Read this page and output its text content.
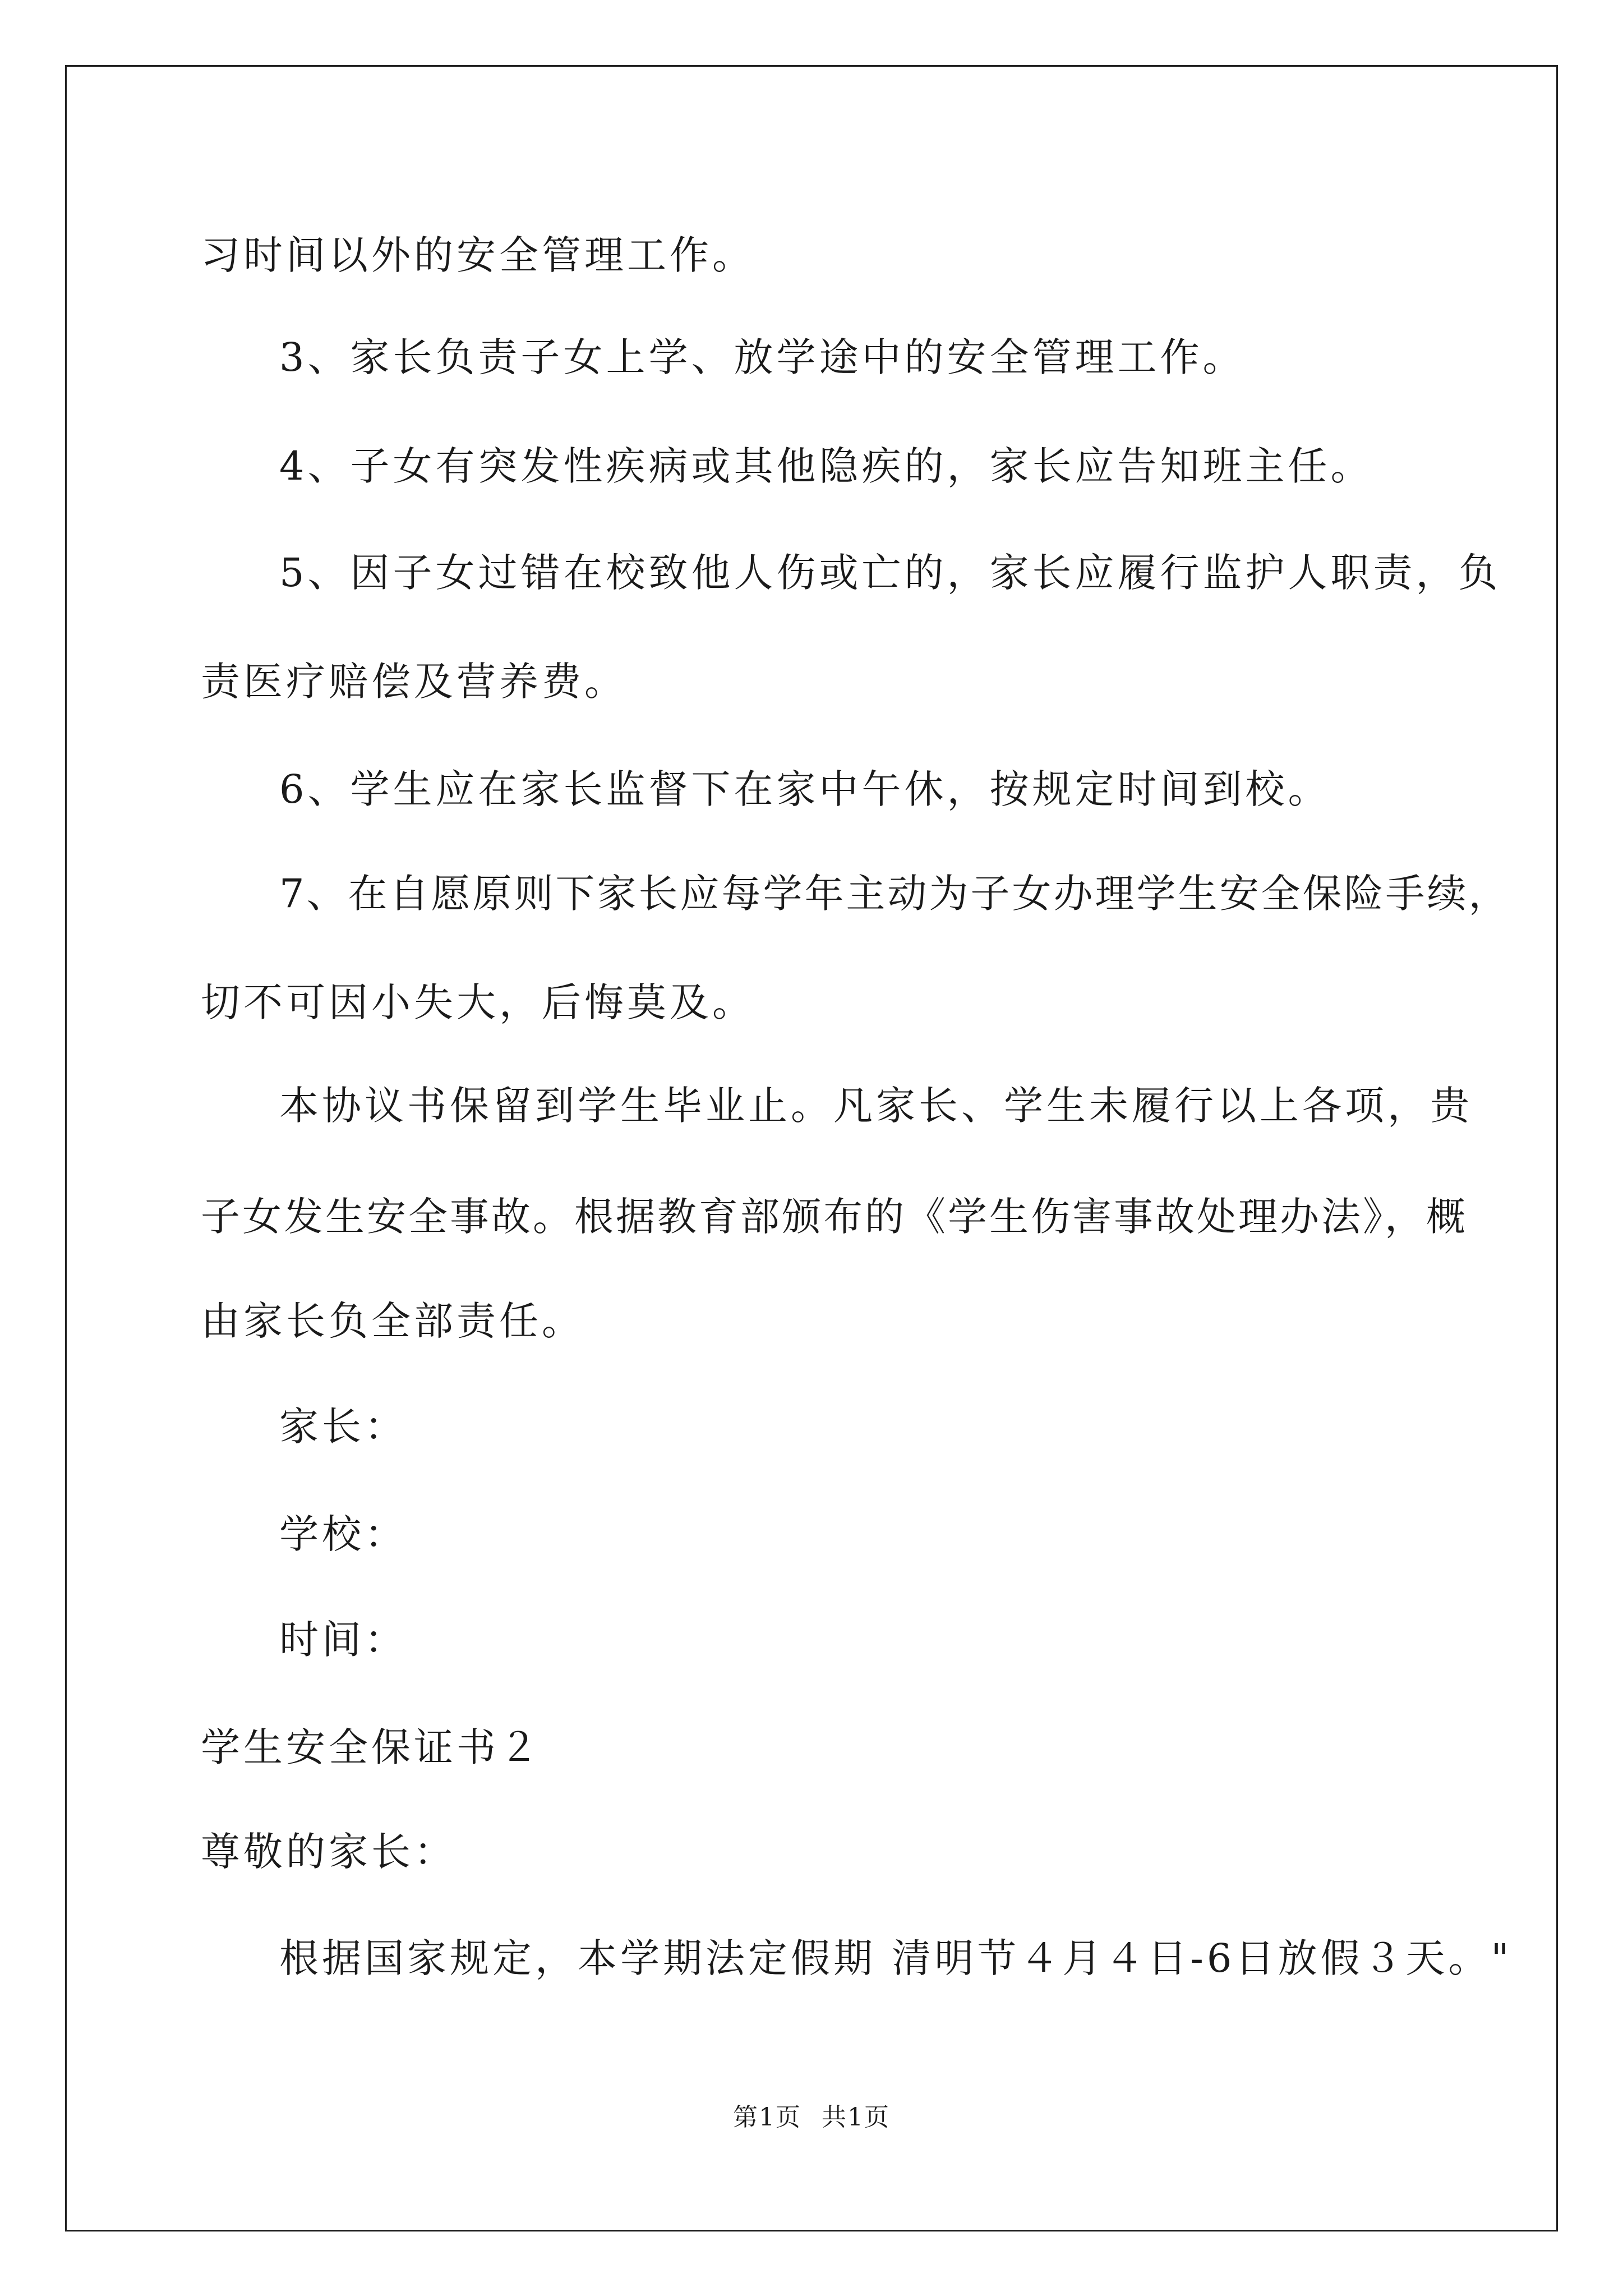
习时间以外的安全管理工作。
3、家长负责子女上学、放学途中的安全管理工作。
4、子女有突发性疾病或其他隐疾的，家长应告知班主任。
5、因子女过错在校致他人伤或亡的，家长应履行监护人职责，负
责医疗赔偿及营养费。
6、学生应在家长监督下在家中午休，按规定时间到校。
7、在自愿原则下家长应每学年主动为子女办理学生安全保险手续，
切不可因小失大，后悔莫及。
本协议书保留到学生毕业止。凡家长、学生未履行以上各项，贵
子女发生安全事故。根据教育部颁布的《学生伤害事故处理办法》，概
由家长负全部责任。
家长：
学校：
时间：
学生安全保证书２
尊敬的家长：
根据国家规定，本学期法定假期 清明节４月４日-6日放假３天。"
第1页 共1页
